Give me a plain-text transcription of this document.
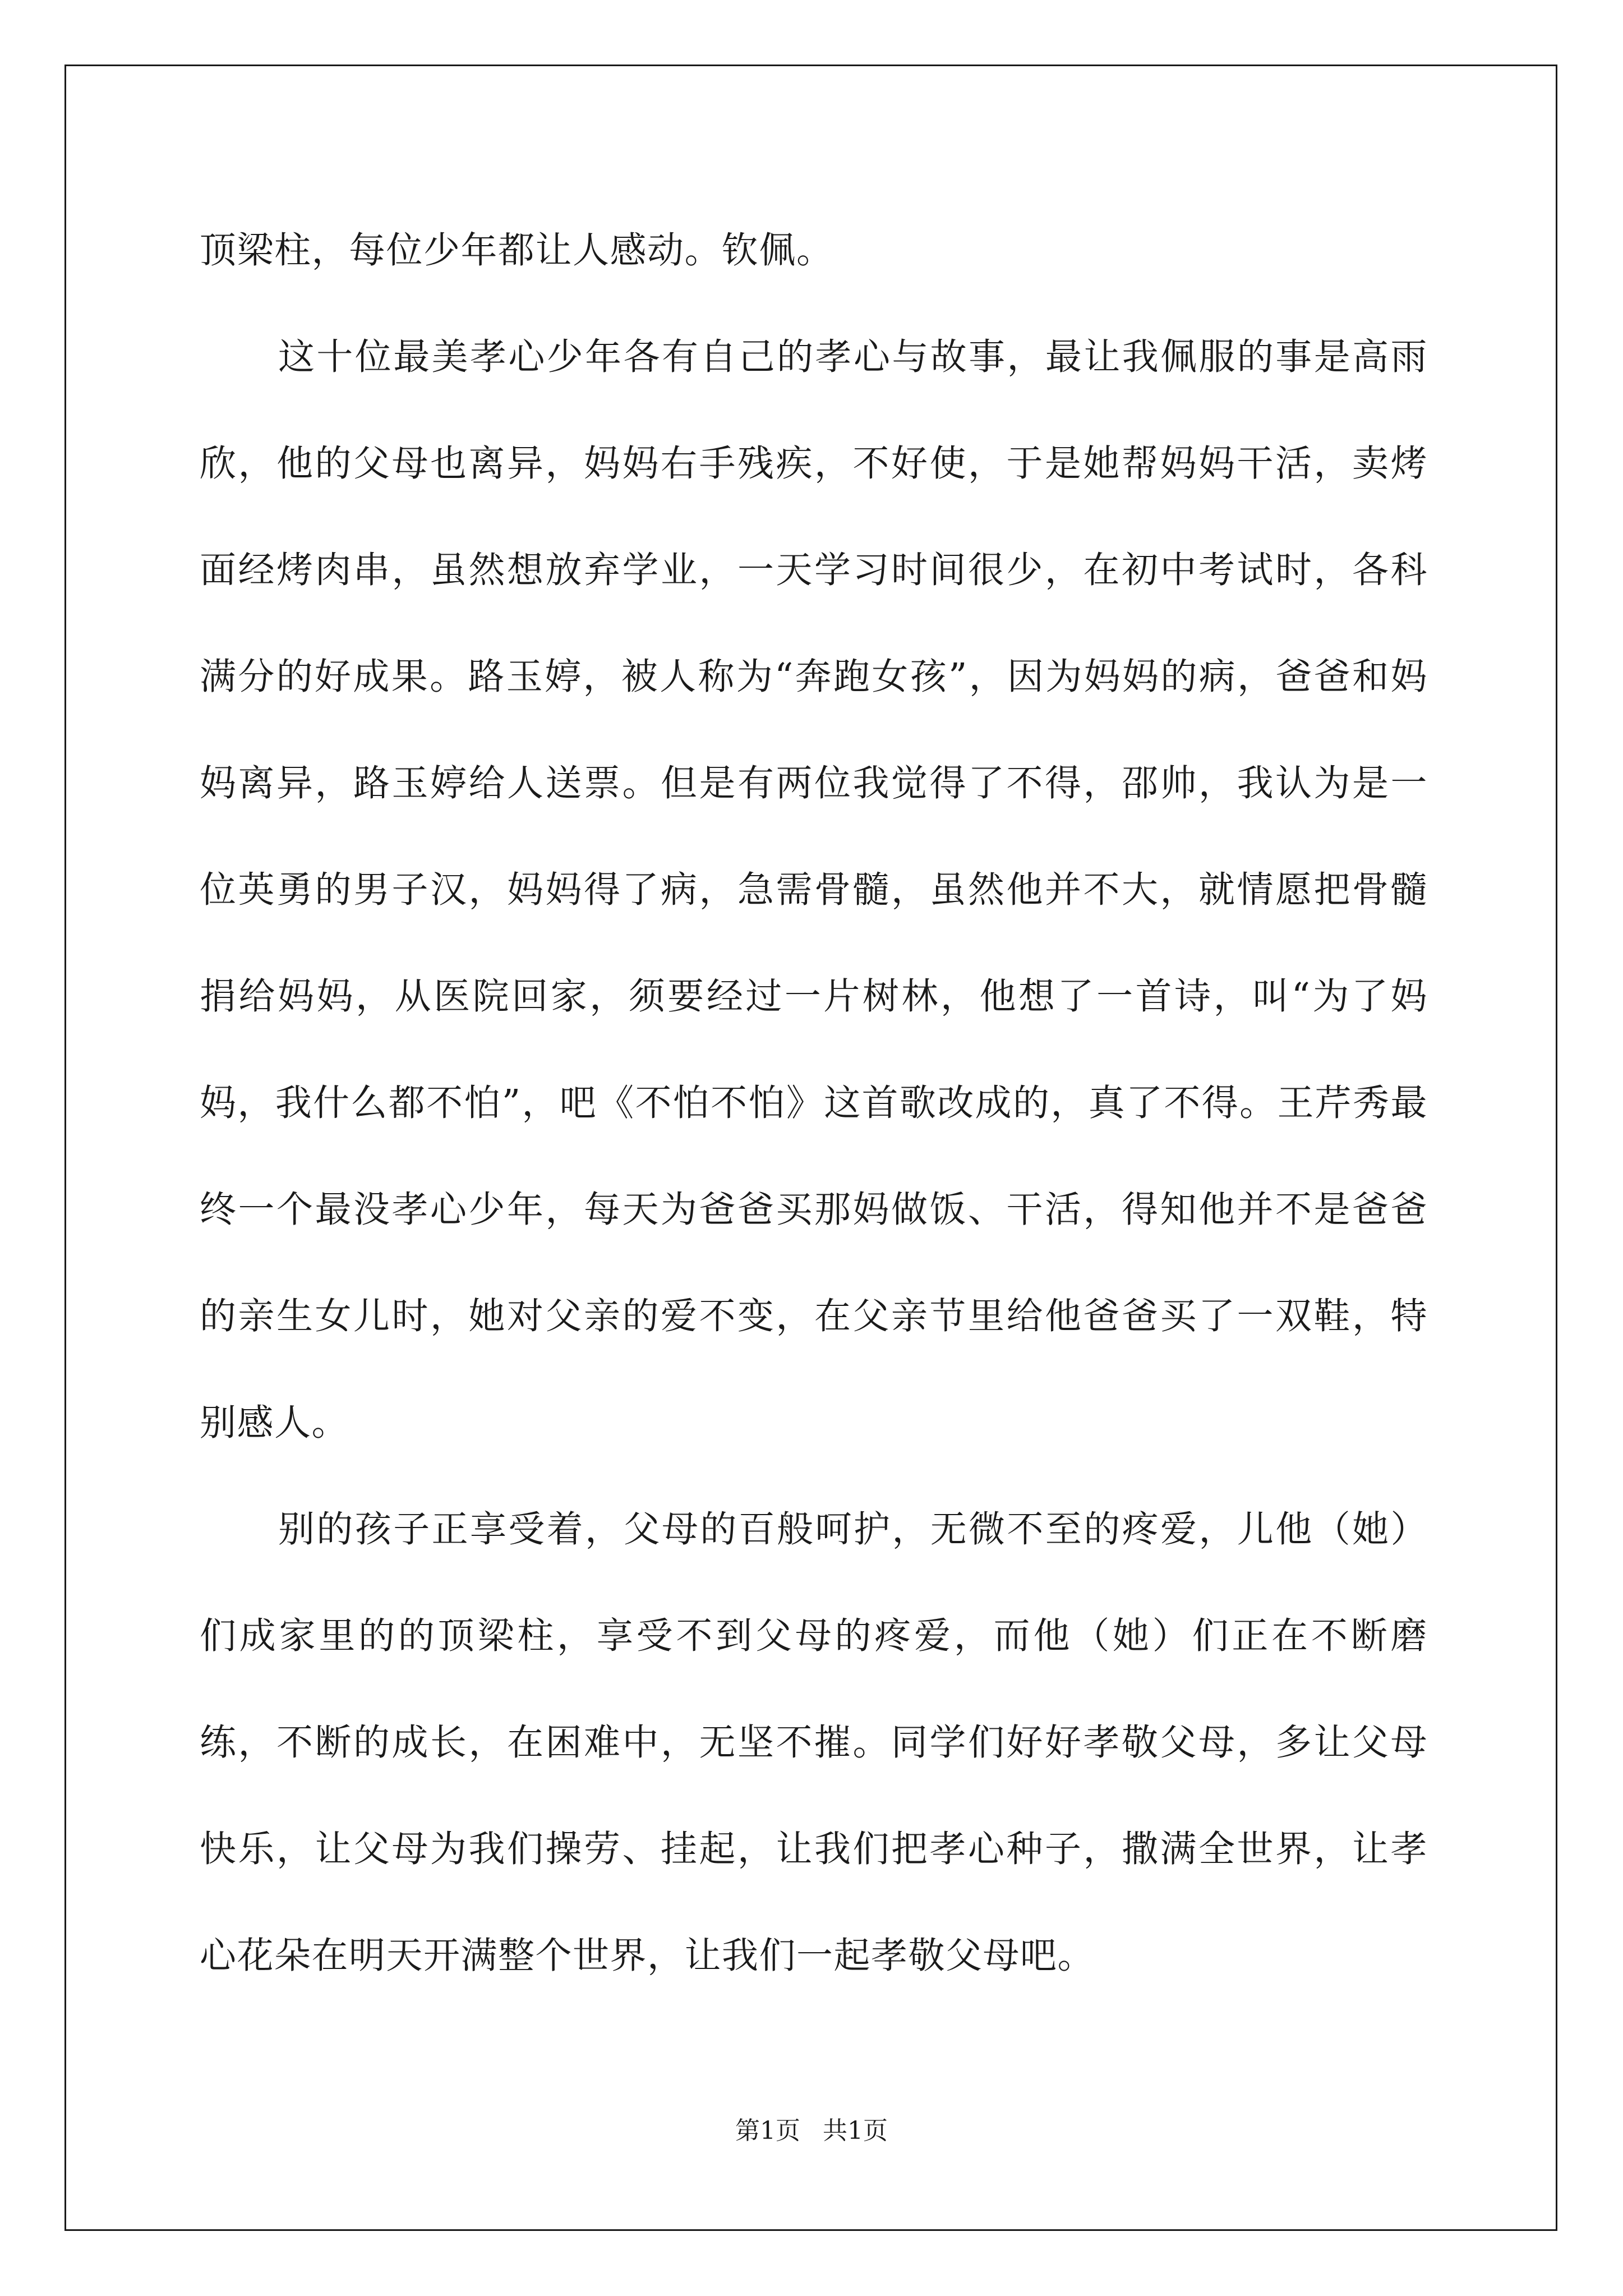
顶梁柱，每位少年都让人感动。钦佩。

这十位最美孝心少年各有自己的孝心与故事，最让我佩服的事是高雨欣，他的父母也离异，妈妈右手残疾，不好使，于是她帮妈妈干活，卖烤面经烤肉串，虽然想放弃学业，一天学习时间很少，在初中考试时，各科满分的好成果。路玉婷，被人称为“奔跑女孩”，因为妈妈的病，爸爸和妈妈离异，路玉婷给人送票。但是有两位我觉得了不得，邵帅，我认为是一位英勇的男子汉，妈妈得了病，急需骨髓，虽然他并不大，就情愿把骨髓捐给妈妈，从医院回家，须要经过一片树林，他想了一首诗，叫“为了妈妈，我什么都不怕”，吧《不怕不怕》这首歌改成的，真了不得。王芹秀最终一个最没孝心少年，每天为爸爸买那妈做饭、干活，得知他并不是爸爸的亲生女儿时，她对父亲的爱不变，在父亲节里给他爸爸买了一双鞋，特别感人。

别的孩子正享受着，父母的百般呵护，无微不至的疼爱，儿他（她）们成家里的的顶梁柱，享受不到父母的疼爱，而他（她）们正在不断磨练，不断的成长，在困难中，无坚不摧。同学们好好孝敬父母，多让父母快乐，让父母为我们操劳、挂起，让我们把孝心种子，撒满全世界，让孝心花朵在明天开满整个世界，让我们一起孝敬父母吧。

第1页 共1页
